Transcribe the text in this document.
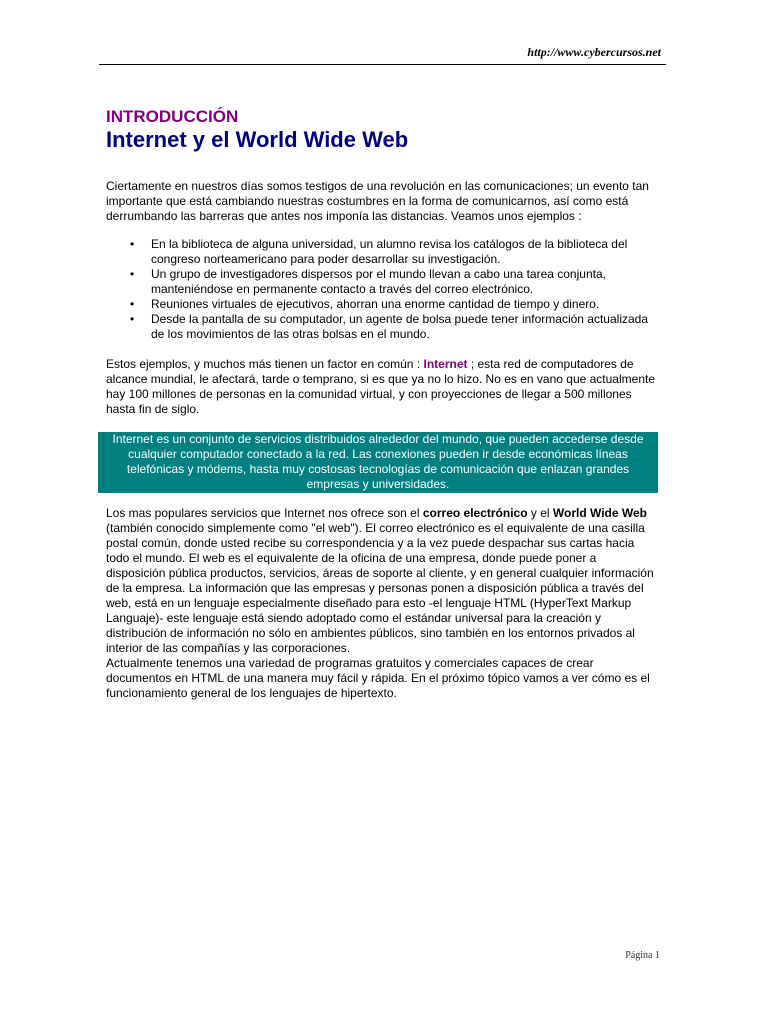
http://www.cybercursos.net
INTRODUCCIÓN
Internet y el World Wide Web

Ciertamente en nuestros días somos testigos de una revolución en las comunicaciones; un evento tan importante que está cambiando nuestras costumbres en la forma de comunicarnos, así como está derrumbando las barreras que antes nos imponía las distancias. Veamos unos ejemplos :

• En la biblioteca de alguna universidad, un alumno revisa los catálogos de la biblioteca del congreso norteamericano para poder desarrollar su investigación.
• Un grupo de investigadores dispersos por el mundo llevan a cabo una tarea conjunta, manteniéndose en permanente contacto a través del correo electrónico.
• Reuniones virtuales de ejecutivos, ahorran una enorme cantidad de tiempo y dinero.
• Desde la pantalla de su computador, un agente de bolsa puede tener información actualizada de los movimientos de las otras bolsas en el mundo.

Estos ejemplos, y muchos más tienen un factor en común : Internet ; esta red de computadores de alcance mundial, le afectará, tarde o temprano, si es que ya no lo hizo. No es en vano que actualmente hay 100 millones de personas en la comunidad virtual, y con proyecciones de llegar a 500 millones hasta fin de siglo.

Internet es un conjunto de servicios distribuidos alrededor del mundo, que pueden accederse desde cualquier computador conectado a la red. Las conexiones pueden ir desde económicas líneas telefónicas y módems, hasta muy costosas tecnologías de comunicación que enlazan grandes empresas y universidades.

Los mas populares servicios que Internet nos ofrece son el correo electrónico y el World Wide Web (también conocido simplemente como "el web"). El correo electrónico es el equivalente de una casilla postal común, donde usted recibe su correspondencia y a la vez puede despachar sus cartas hacia todo el mundo. El web es el equivalente de la oficina de una empresa, donde puede poner a disposición pública productos, servicios, áreas de soporte al cliente, y en general cualquier información de la empresa. La información que las empresas y personas ponen a disposición pública a través del web, está en un lenguaje especialmente diseñado para esto -el lenguaje HTML (HyperText Markup Languaje)- este lenguaje está siendo adoptado como el estándar universal para la creación y distribución de información no sólo en ambientes públicos, sino también en los entornos privados al interior de las compañías y las corporaciones.

Actualmente tenemos una variedad de programas gratuitos y comerciales capaces de crear documentos en HTML de una manera muy fácil y rápida. En el próximo tópico vamos a ver cómo es el funcionamiento general de los lenguajes de hipertexto.

Página 1
